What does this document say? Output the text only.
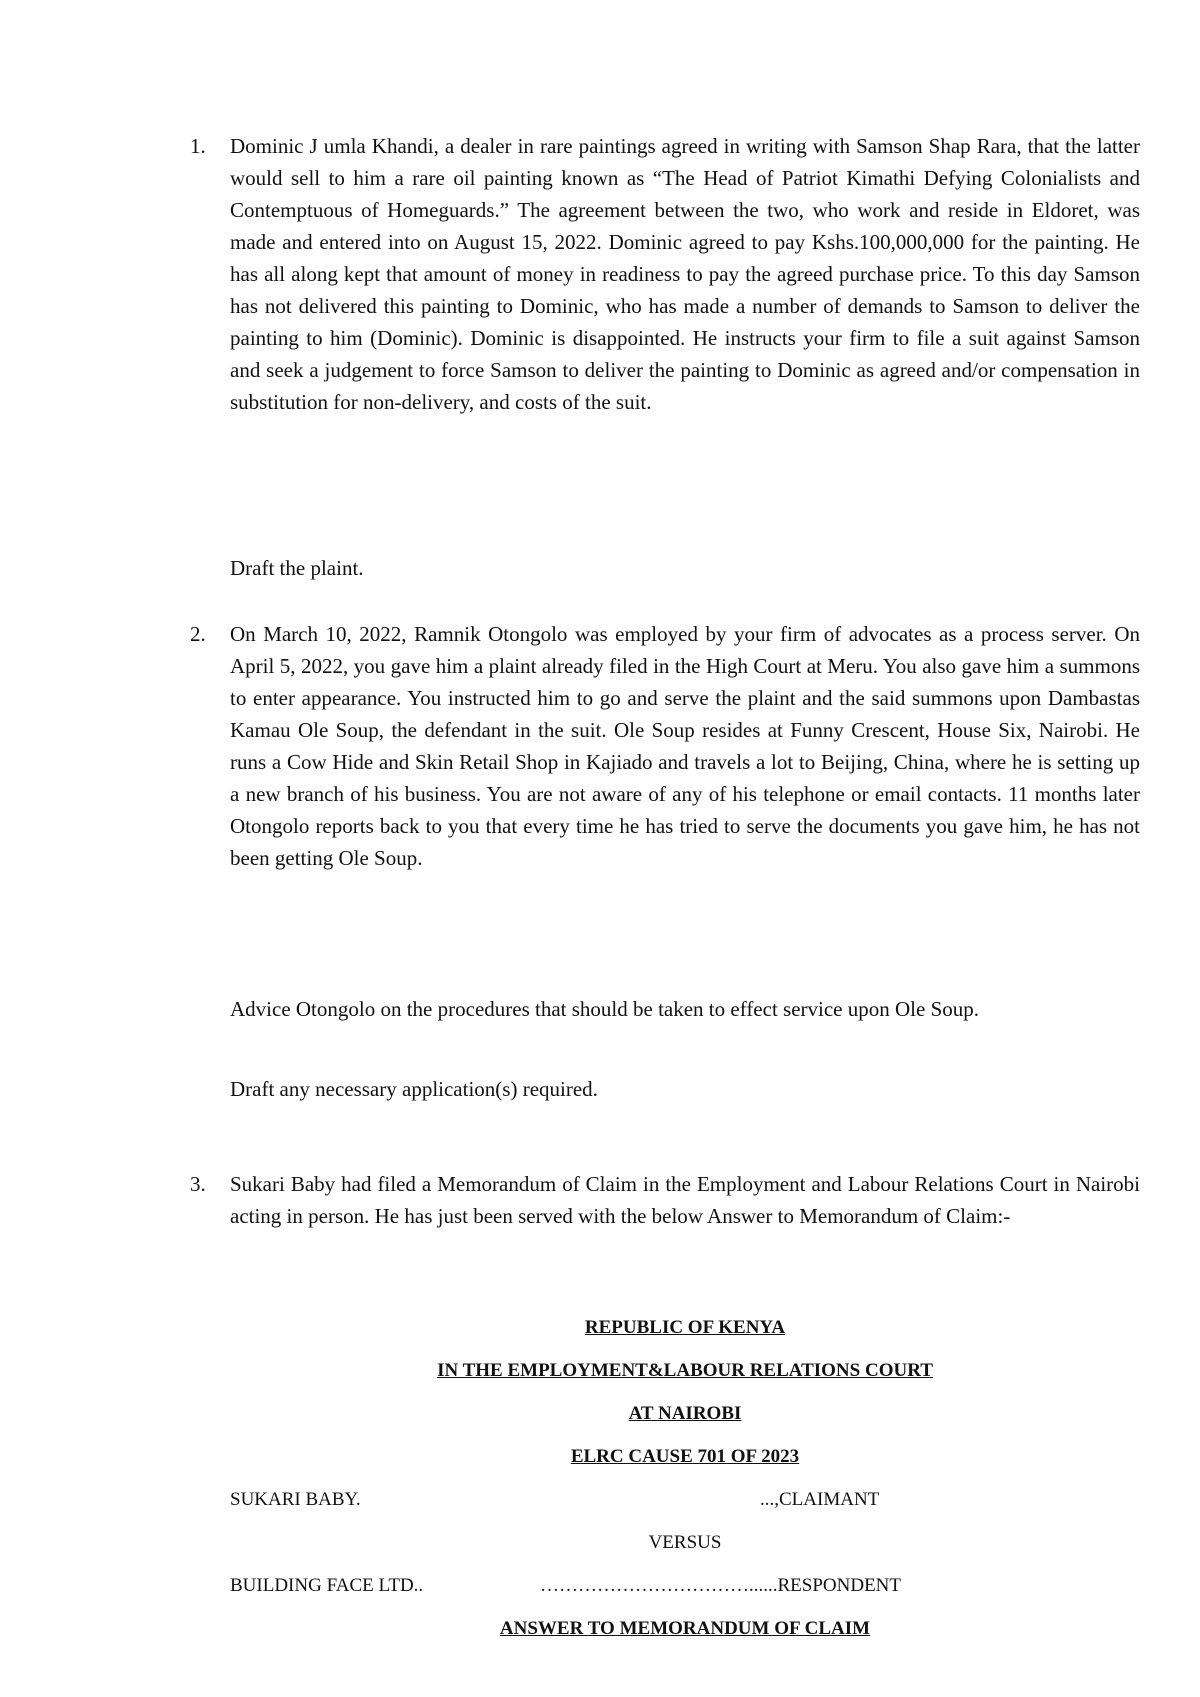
1. Dominic J umla Khandi, a dealer in rare paintings agreed in writing with Samson Shap Rara, that the latter would sell to him a rare oil painting known as “The Head of Patriot Kimathi Defying Colonialists and Contemptuous of Homeguards.” The agreement between the two, who work and reside in Eldoret, was made and entered into on August 15, 2022. Dominic agreed to pay Kshs.100,000,000 for the painting. He has all along kept that amount of money in readiness to pay the agreed purchase price. To this day Samson has not delivered this painting to Dominic, who has made a number of demands to Samson to deliver the painting to him (Dominic). Dominic is disappointed. He instructs your firm to file a suit against Samson and seek a judgement to force Samson to deliver the painting to Dominic as agreed and/or compensation in substitution for non-delivery, and costs of the suit.

Draft the plaint.

2. On March 10, 2022, Ramnik Otongolo was employed by your firm of advocates as a process server. On April 5, 2022, you gave him a plaint already filed in the High Court at Meru. You also gave him a summons to enter appearance. You instructed him to go and serve the plaint and the said summons upon Dambastas Kamau Ole Soup, the defendant in the suit. Ole Soup resides at Funny Crescent, House Six, Nairobi. He runs a Cow Hide and Skin Retail Shop in Kajiado and travels a lot to Beijing, China, where he is setting up a new branch of his business. You are not aware of any of his telephone or email contacts. 11 months later Otongolo reports back to you that every time he has tried to serve the documents you gave him, he has not been getting Ole Soup.

Advice Otongolo on the procedures that should be taken to effect service upon Ole Soup.

Draft any necessary application(s) required.

3. Sukari Baby had filed a Memorandum of Claim in the Employment and Labour Relations Court in Nairobi acting in person. He has just been served with the below Answer to Memorandum of Claim:-

REPUBLIC OF KENYA

IN THE EMPLOYMENT&LABOUR RELATIONS COURT

AT NAIROBI

ELRC CAUSE 701 OF 2023

SUKARI BABY.	...,CLAIMANT

VERSUS

BUILDING FACE LTD..	……………………………......RESPONDENT

ANSWER TO MEMORANDUM OF CLAIM
